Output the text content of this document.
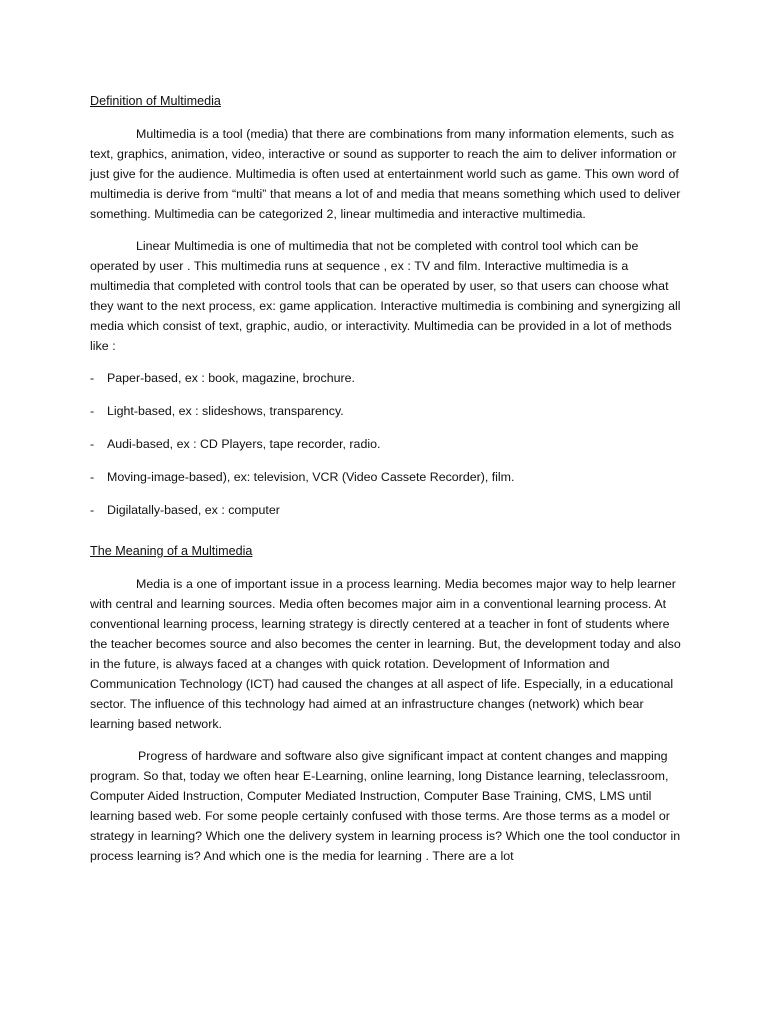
Definition of Multimedia

Multimedia is a tool (media) that there are combinations from many information elements, such as text, graphics, animation, video, interactive or sound as supporter to reach the aim to deliver information or just give for the audience. Multimedia is often used at entertainment world such as game. This own word of multimedia is derive from “multi” that means a lot of and media that means something which used to deliver something. Multimedia can be categorized 2, linear multimedia and interactive multimedia.

Linear Multimedia is one of multimedia that not be completed with control tool which can be operated by user . This multimedia runs at sequence , ex : TV and film. Interactive multimedia is a multimedia that completed with control tools that can be operated by user, so that users can choose what they want to the next process, ex: game application. Interactive multimedia is combining and synergizing all media which consist of text, graphic, audio, or interactivity. Multimedia can be provided in a lot of methods like :

- Paper-based, ex : book, magazine, brochure.
- Light-based, ex : slideshows, transparency.
- Audi-based, ex : CD Players, tape recorder, radio.
- Moving-image-based), ex: television, VCR (Video Cassete Recorder), film.
- Digilatally-based, ex : computer
The Meaning of a Multimedia

Media is a one of important issue in a process learning. Media becomes major way to help learner with central and learning sources. Media often becomes major aim in a conventional learning process. At conventional learning process, learning strategy is directly centered at a teacher in font of students where the teacher becomes source and also becomes the center in learning. But, the development today and also in the future, is always faced at a changes with quick rotation. Development of Information and Communication Technology (ICT) had caused the changes at all aspect of life. Especially, in a educational sector. The influence of this technology had aimed at an infrastructure changes (network) which bear learning based network.

Progress of hardware and software also give significant impact at content changes and mapping program. So that, today we often hear E-Learning, online learning, long Distance learning, teleclassroom, Computer Aided Instruction, Computer Mediated Instruction, Computer Base Training, CMS, LMS until learning based web. For some people certainly confused with those terms. Are those terms as a model or strategy in learning? Which one the delivery system in learning process is? Which one the tool conductor in process learning is? And which one is the media for learning . There are a lot
